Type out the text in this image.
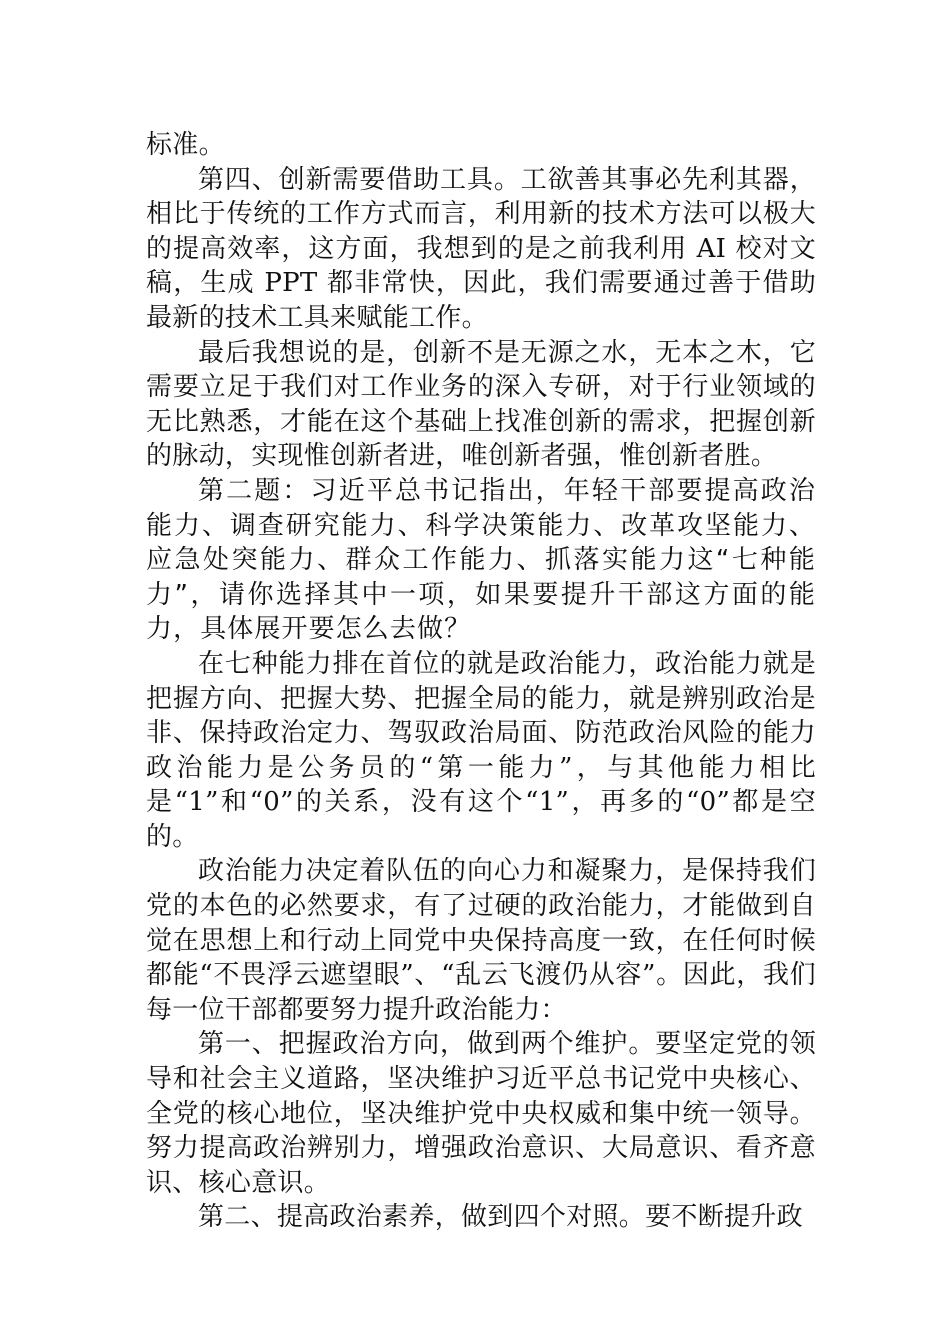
标准。

第四、创新需要借助工具。工欲善其事必先利其器，相比于传统的工作方式而言，利用新的技术方法可以极大的提高效率，这方面，我想到的是之前我利用 AI 校对文稿，生成 PPT 都非常快，因此，我们需要通过善于借助最新的技术工具来赋能工作。

最后我想说的是，创新不是无源之水，无本之木，它需要立足于我们对工作业务的深入专研，对于行业领域的无比熟悉，才能在这个基础上找准创新的需求，把握创新的脉动，实现惟创新者进，唯创新者强，惟创新者胜。

第二题：习近平总书记指出，年轻干部要提高政治能力、调查研究能力、科学决策能力、改革攻坚能力、应急处突能力、群众工作能力、抓落实能力这“七种能力”，请你选择其中一项，如果要提升干部这方面的能力，具体展开要怎么去做？

在七种能力排在首位的就是政治能力，政治能力就是把握方向、把握大势、把握全局的能力，就是辨别政治是非、保持政治定力、驾驭政治局面、防范政治风险的能力政治能力是公务员的“第一能力”，与其他能力相比是“1”和“0”的关系，没有这个“1”，再多的“0”都是空的。

政治能力决定着队伍的向心力和凝聚力，是保持我们党的本色的必然要求，有了过硬的政治能力，才能做到自觉在思想上和行动上同党中央保持高度一致，在任何时候都能“不畏浮云遮望眼”、“乱云飞渡仍从容”。因此，我们每一位干部都要努力提升政治能力：

第一、把握政治方向，做到两个维护。要坚定党的领导和社会主义道路，坚决维护习近平总书记党中央核心、全党的核心地位，坚决维护党中央权威和集中统一领导。努力提高政治辨别力，增强政治意识、大局意识、看齐意识、核心意识。

第二、提高政治素养，做到四个对照。要不断提升政
